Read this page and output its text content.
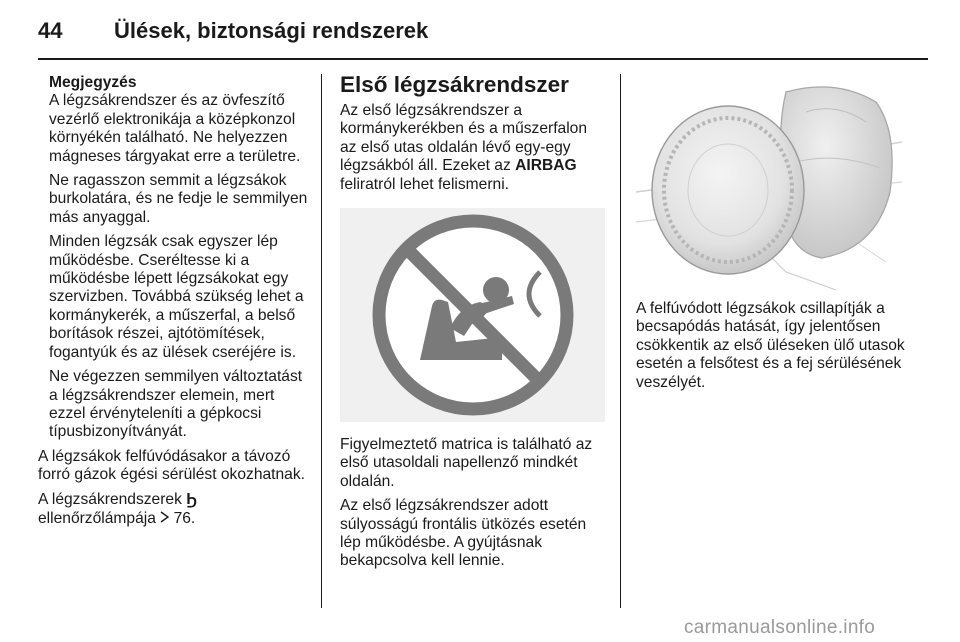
44	Ülések, biztonsági rendszerek

Megjegyzés
A légzsákrendszer és az övfeszítő vezérlő elektronikája a középkonzol környékén található. Ne helyezzen mágneses tárgyakat erre a területre.

Ne ragasszon semmit a légzsákok burkolatára, és ne fedje le semmilyen más anyaggal.

Minden légzsák csak egyszer lép működésbe. Cseréltesse ki a működésbe lépett légzsákokat egy szervizben. Továbbá szükség lehet a kormánykerék, a műszerfal, a belső borítások részei, ajtótömítések, fogantyúk és az ülések cseréjére is.

Ne végezzen semmilyen változtatást a légzsákrendszer elemein, mert ezzel érvényteleníti a gépkocsi típusbizonyítványát.

A légzsákok felfúvódásakor a távozó forró gázok égési sérülést okozhatnak.

A légzsákrendszerek Ϧ
ellenőrzőlámpája 76.

Első légzsákrendszer

Az első légzsákrendszer a kormánykerékben és a műszerfalon az első utas oldalán lévő egy-egy légzsákból áll. Ezeket az AIRBAG
feliratról lehet felismerni.

Figyelmeztető matrica is található az első utasoldali napellenző mindkét oldalán.

Az első légzsákrendszer adott súlyosságú frontális ütközés esetén lép működésbe. A gyújtásnak bekapcsolva kell lennie.

A felfúvódott légzsákok csillapítják a becsapódás hatását, így jelentősen csökkentik az első üléseken ülő utasok esetén a felsőtest és a fej sérülésének veszélyét.

carmanualsonline.info
